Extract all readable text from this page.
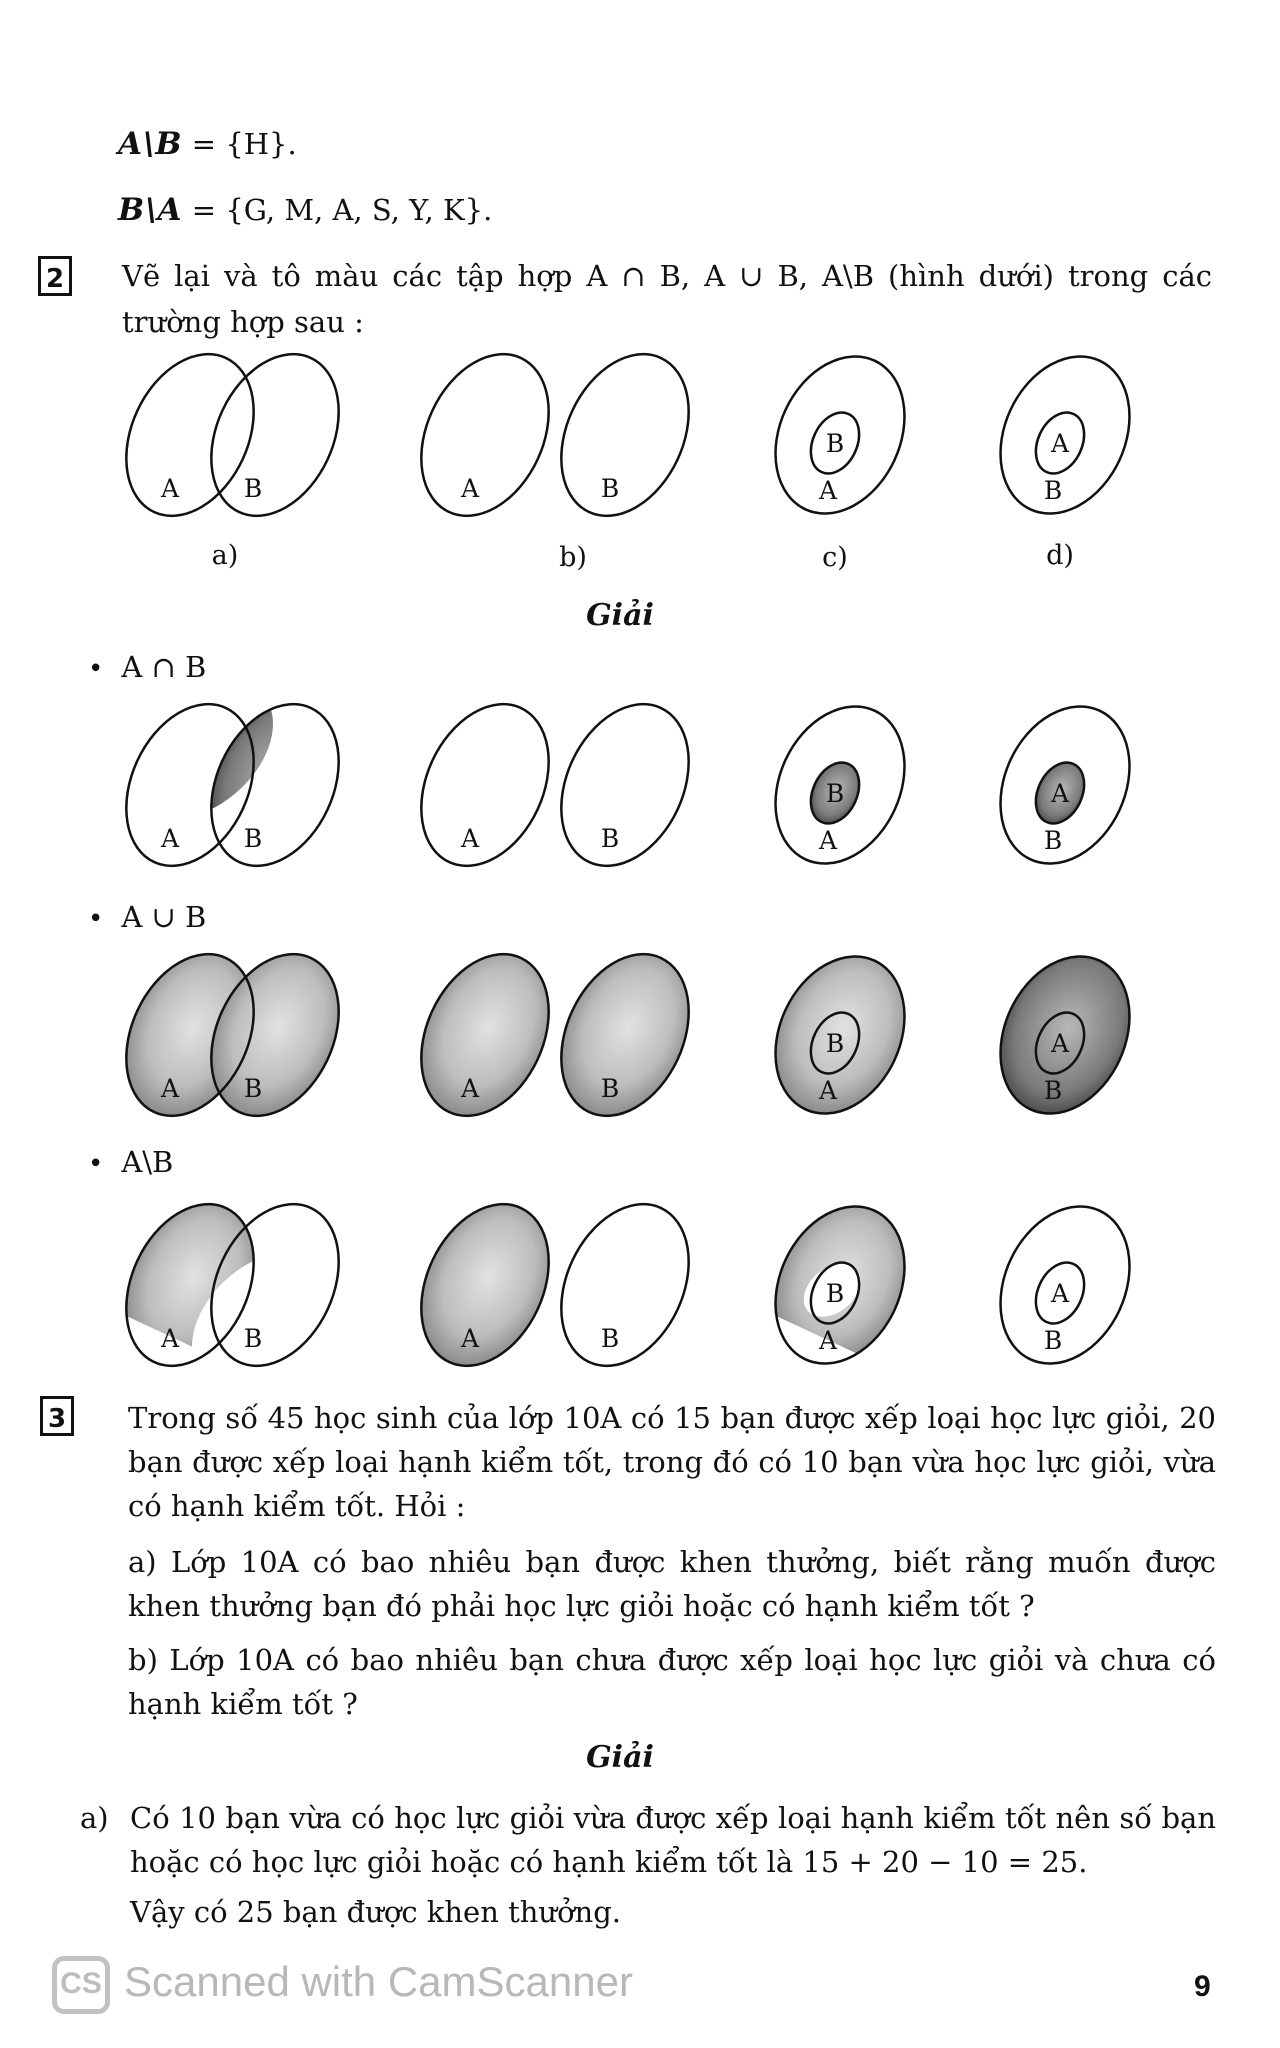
A\B = {H}.
B\A = {G, M, A, S, Y, K}.
2 Vẽ lại và tô màu các tập hợp A ∩ B, A ∪ B, A\B (hình dưới) trong các
trường hợp sau :
A	B	A	B
B
A
A
B
A	B	A	B
B
A
A
B
A	B	A	B
B
A
A
B
A	B	A	B
B
A
A
B
a)	b)	c)	d)
Giải
• A ∩ B
• A ∪ B
• A\B
3 Trong số 45 học sinh của lớp 10A có 15 bạn được xếp loại học lực giỏi, 20 bạn được xếp loại hạnh kiểm tốt, trong đó có 10 bạn vừa học lực giỏi, vừa có hạnh kiểm tốt. Hỏi :
a) Lớp 10A có bao nhiêu bạn được khen thưởng, biết rằng muốn được khen thưởng bạn đó phải học lực giỏi hoặc có hạnh kiểm tốt ?
b) Lớp 10A có bao nhiêu bạn chưa được xếp loại học lực giỏi và chưa có hạnh kiểm tốt ?
Giải
a) Có 10 bạn vừa có học lực giỏi vừa được xếp loại hạnh kiểm tốt nên số bạn hoặc có học lực giỏi hoặc có hạnh kiểm tốt là 15 + 20 − 10 = 25.
Vậy có 25 bạn được khen thưởng.
CS Scanned with CamScanner	9
